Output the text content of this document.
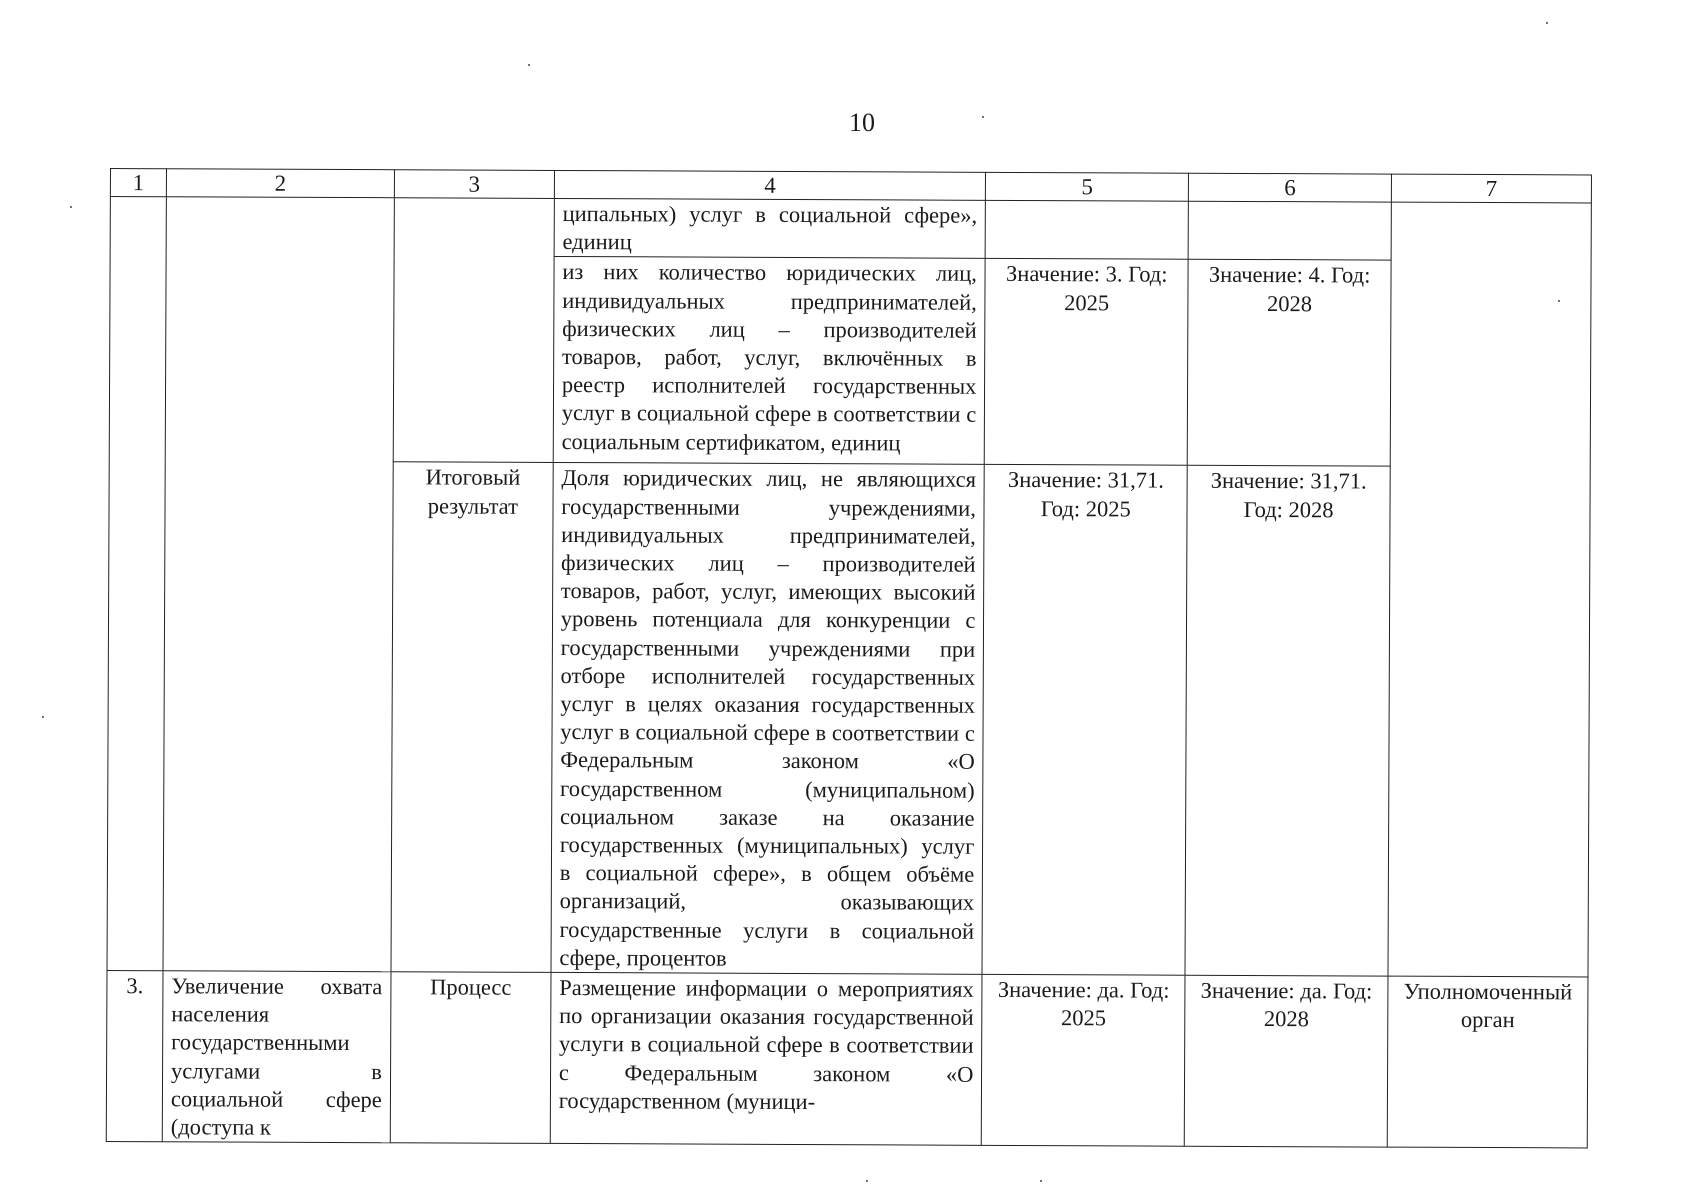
10
1	2	3	4	5	6	7
			ципальных) услуг в социальной сфере», единиц			
			из них количество юридических лиц, индивидуальных предпринимателей, физических лиц – производителей товаров, работ, услуг, включённых в реестр исполнителей государственных услуг в социальной сфере в соответствии с социальным сертификатом, единиц	Значение: 3. Год: 2025	Значение: 4. Год: 2028	
		Итоговый результат	Доля юридических лиц, не являющихся государственными учреждениями, индивидуальных предпринимателей, физических лиц – производителей товаров, работ, услуг, имеющих высокий уровень потенциала для конкуренции с государственными учреждениями при отборе исполнителей государственных услуг в целях оказания государственных услуг в социальной сфере в соответствии с Федеральным законом «О государственном (муниципальном) социальном заказе на оказание государственных (муниципальных) услуг в социальной сфере», в общем объёме организаций, оказывающих государственные услуги в социальной сфере, процентов	Значение: 31,71. Год: 2025	Значение: 31,71. Год: 2028	
3.	Увеличение охвата населения государственными услугами в социальной сфере (доступа к	Процесс	Размещение информации о мероприятиях по организации оказания государственной услуги в социальной сфере в соответствии с Федеральным законом «О государственном (муници-	Значение: да. Год: 2025	Значение: да. Год: 2028	Уполномоченный орган
